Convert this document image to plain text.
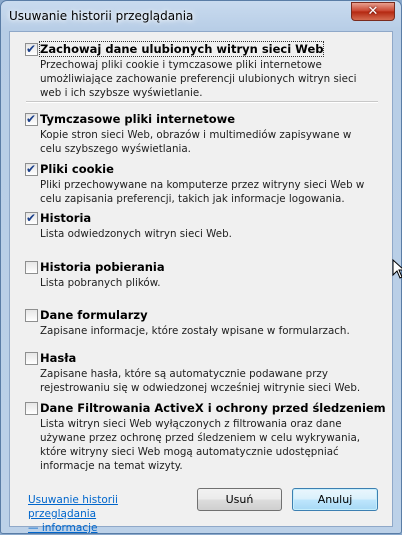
Usuwanie historii przeglądania	✕
✔ Zachowaj dane ulubionych witryn sieci Web
Przechowaj pliki cookie i tymczasowe pliki internetowe umożliwiające zachowanie preferencji ulubionych witryn sieci web i ich szybsze wyświetlanie.
✔ Tymczasowe pliki internetowe
Kopie stron sieci Web, obrazów i multimediów zapisywane w celu szybszego wyświetlania.
✔ Pliki cookie
Pliki przechowywane na komputerze przez witryny sieci Web w celu zapisania preferencji, takich jak informacje logowania.
✔ Historia
Lista odwiedzonych witryn sieci Web.
Historia pobierania
Lista pobranych plików.
Dane formularzy
Zapisane informacje, które zostały wpisane w formularzach.
Hasła
Zapisane hasła, które są automatycznie podawane przy rejestrowaniu się w odwiedzonej wcześniej witrynie sieci Web.
Dane Filtrowania ActiveX i ochrony przed śledzeniem
Lista witryn sieci Web wyłączonych z filtrowania oraz dane używane przez ochronę przed śledzeniem w celu wykrywania, które witryny sieci Web mogą automatycznie udostępniać informacje na temat wizyty.
Usuwanie historii przeglądania
— informacje
Usuń	Anuluj
